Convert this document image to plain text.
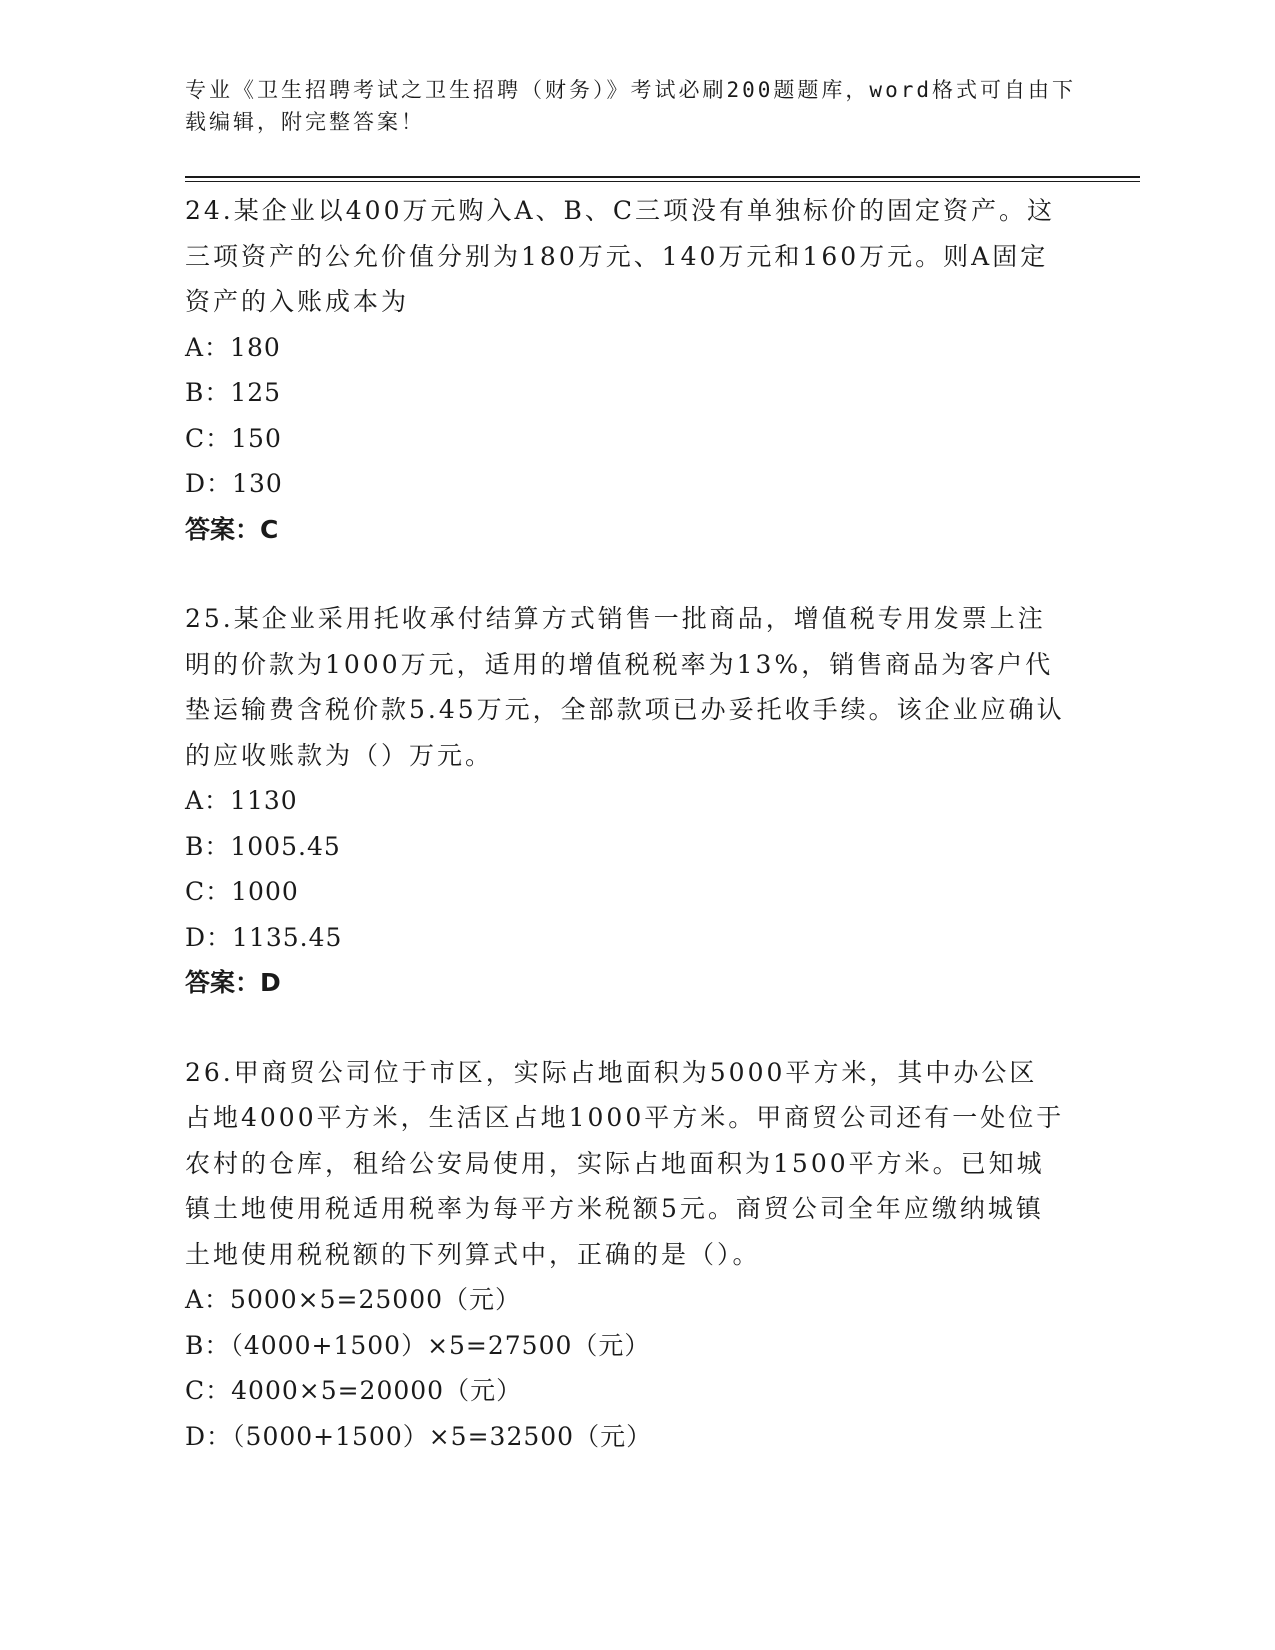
专业《卫生招聘考试之卫生招聘（财务）》考试必刷200题题库，word格式可自由下载编辑，附完整答案！

24.某企业以400万元购入A、B、C三项没有单独标价的固定资产。这三项资产的公允价值分别为180万元、140万元和160万元。则A固定资产的入账成本为

A：180

B：125

C：150

D：130

答案：C

25.某企业采用托收承付结算方式销售一批商品，增值税专用发票上注明的价款为1000万元，适用的增值税税率为13%，销售商品为客户代垫运输费含税价款5.45万元，全部款项已办妥托收手续。该企业应确认的应收账款为（）万元。

A：1130

B：1005.45

C：1000

D：1135.45

答案：D

26.甲商贸公司位于市区，实际占地面积为5000平方米，其中办公区占地4000平方米，生活区占地1000平方米。甲商贸公司还有一处位于农村的仓库，租给公安局使用，实际占地面积为1500平方米。已知城镇土地使用税适用税率为每平方米税额5元。商贸公司全年应缴纳城镇土地使用税税额的下列算式中，正确的是（）。

A：5000×5=25000（元）

B：（4000+1500）×5=27500（元）

C：4000×5=20000（元）

D：（5000+1500）×5=32500（元）
